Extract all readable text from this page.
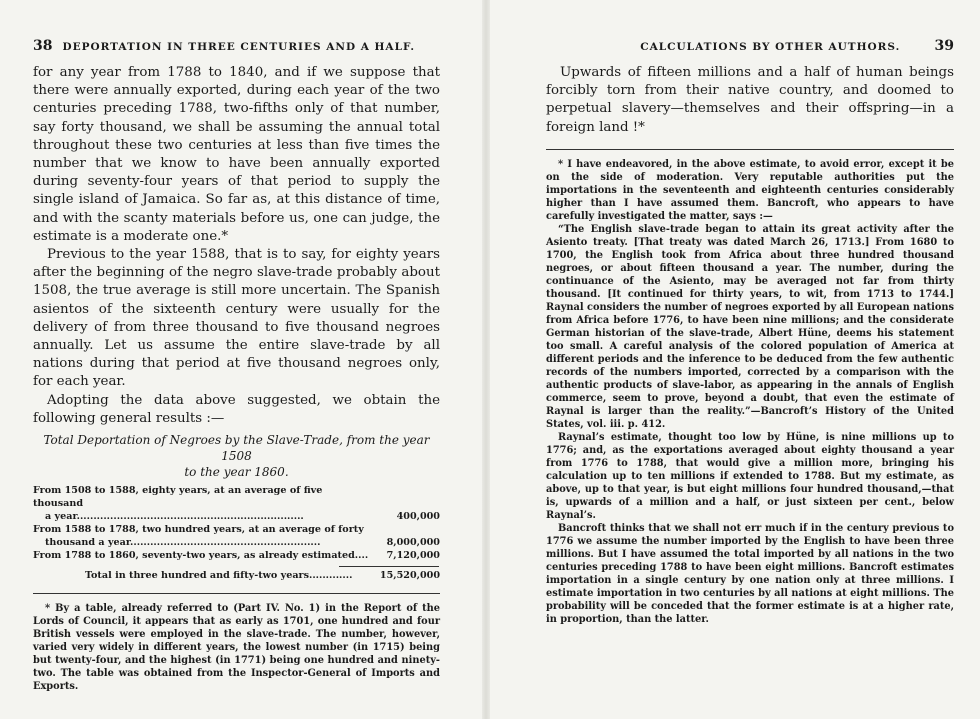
38 DEPORTATION IN THREE CENTURIES AND A HALF.

for any year from 1788 to 1840, and if we suppose that there were annually exported, during each year of the two centuries preceding 1788, two-fifths only of that number, say forty thousand, we shall be assuming the annual total throughout these two centuries at less than five times the number that we know to have been annually exported during seventy-four years of that period to supply the single island of Jamaica. So far as, at this distance of time, and with the scanty materials before us, one can judge, the estimate is a moderate one.*

Previous to the year 1588, that is to say, for eighty years after the beginning of the negro slave-trade probably about 1508, the true average is still more uncertain. The Spanish asientos of the sixteenth century were usually for the delivery of from three thousand to five thousand negroes annually. Let us assume the entire slave-trade by all nations during that period at five thousand negroes only, for each year.

Adopting the data above suggested, we obtain the following general results :—

Total Deportation of Negroes by the Slave-Trade, from the year 1508
to the year 1860.
From 1508 to 1588, eighty years, at an average of five thousand
a year....................................................................	400,000
From 1588 to 1788, two hundred years, at an average of forty
thousand a year.........................................................	8,000,000
From 1788 to 1860, seventy-two years, as already estimated....	7,120,000
Total in three hundred and fifty-two years.............	15,520,000

* By a table, already referred to (Part IV. No. 1) in the Report of the Lords of Council, it appears that as early as 1701, one hundred and four British vessels were employed in the slave-trade. The number, however, varied very widely in different years, the lowest number (in 1715) being but twenty-four, and the highest (in 1771) being one hundred and ninety-two. The table was obtained from the Inspector-General of Imports and Exports.

CALCULATIONS BY OTHER AUTHORS.	39

Upwards of fifteen millions and a half of human beings forcibly torn from their native country, and doomed to perpetual slavery—themselves and their offspring—in a foreign land !*

* I have endeavored, in the above estimate, to avoid error, except it be on the side of moderation. Very reputable authorities put the importations in the seventeenth and eighteenth centuries considerably higher than I have assumed them. Bancroft, who appears to have carefully investigated the matter, says :—

“The English slave-trade began to attain its great activity after the Asiento treaty. [That treaty was dated March 26, 1713.] From 1680 to 1700, the English took from Africa about three hundred thousand negroes, or about fifteen thousand a year. The number, during the continuance of the Asiento, may be averaged not far from thirty thousand. [It continued for thirty years, to wit, from 1713 to 1744.] Raynal considers the number of negroes exported by all European nations from Africa before 1776, to have been nine millions; and the considerate German historian of the slave-trade, Albert Hüne, deems his statement too small. A careful analysis of the colored population of America at different periods and the inference to be deduced from the few authentic records of the numbers imported, corrected by a comparison with the authentic products of slave-labor, as appearing in the annals of English commerce, seem to prove, beyond a doubt, that even the estimate of Raynal is larger than the reality.”—Bancroft’s History of the United States, vol. iii. p. 412.

Raynal’s estimate, thought too low by Hüne, is nine millions up to 1776; and, as the exportations averaged about eighty thousand a year from 1776 to 1788, that would give a million more, bringing his calculation up to ten millions if extended to 1788. But my estimate, as above, up to that year, is but eight millions four hundred thousand,—that is, upwards of a million and a half, or just sixteen per cent., below Raynal’s.

Bancroft thinks that we shall not err much if in the century previous to 1776 we assume the number imported by the English to have been three millions. But I have assumed the total imported by all nations in the two centuries preceding 1788 to have been eight millions. Bancroft estimates importation in a single century by one nation only at three millions. I estimate importation in two centuries by all nations at eight millions. The probability will be conceded that the former estimate is at a higher rate, in proportion, than the latter.
